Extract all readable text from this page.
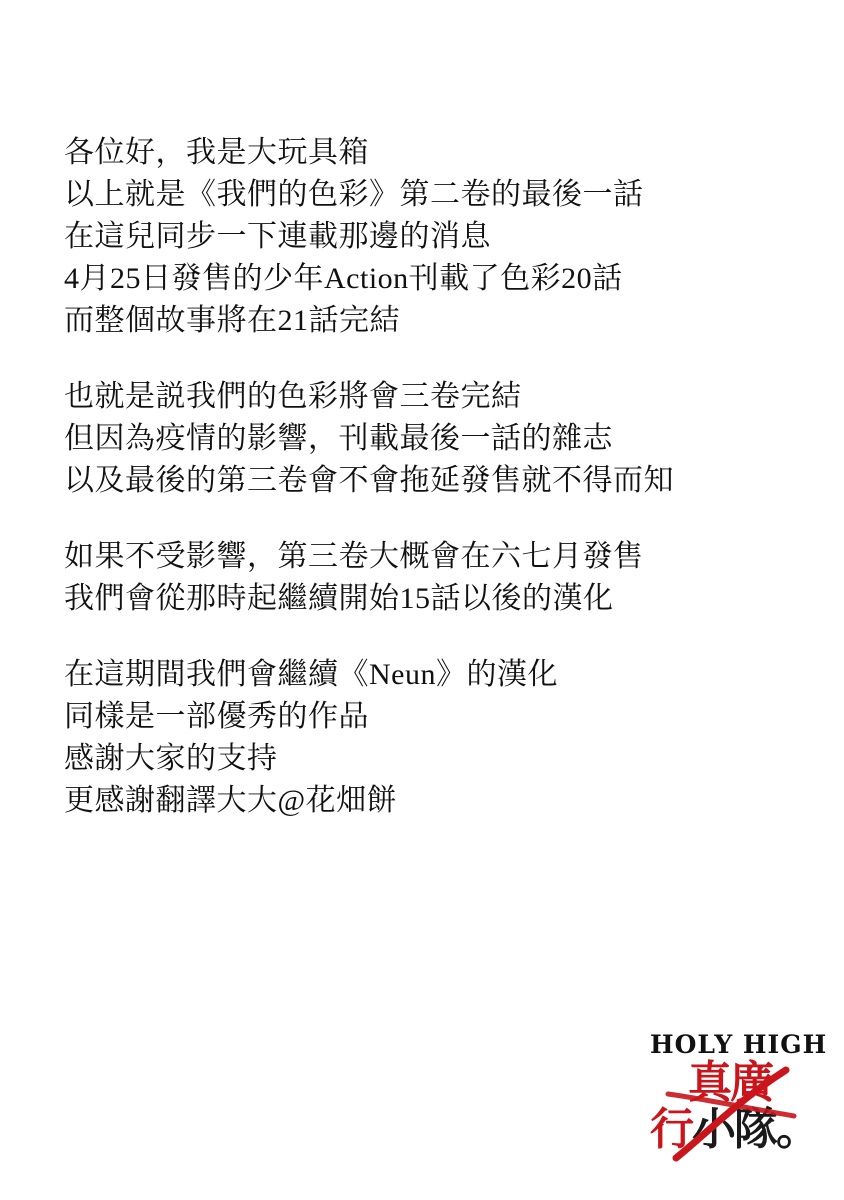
各位好，我是大玩具箱
以上就是《我們的色彩》第二卷的最後一話
在這兒同步一下連載那邊的消息
4月25日發售的少年Action刊載了色彩20話
而整個故事將在21話完結
也就是説我們的色彩將會三卷完結
但因為疫情的影響，刊載最後一話的雜志
以及最後的第三卷會不會拖延發售就不得而知
如果不受影響，第三卷大概會在六七月發售
我們會從那時起繼續開始15話以後的漢化
在這期間我們會繼續《Neun》的漢化
同樣是一部優秀的作品
感謝大家的支持
更感謝翻譯大大@花畑餅
HOLY HIGH
真廣
行小隊。
